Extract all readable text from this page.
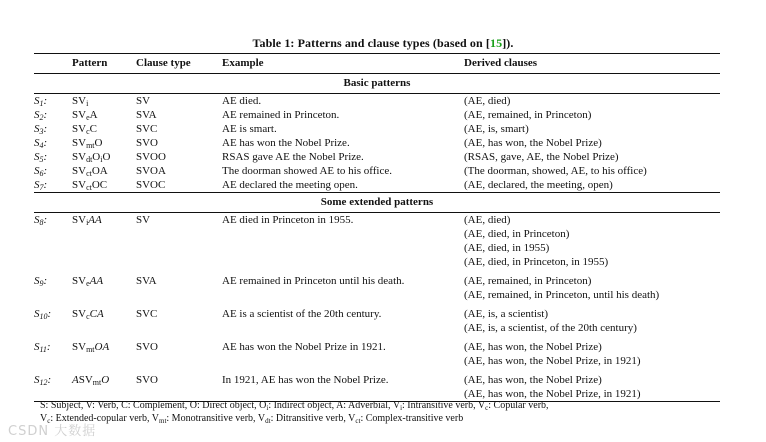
Table 1: Patterns and clause types (based on [15]).
	Pattern	Clause type	Example	Derived clauses
Basic patterns				
$S_1$:	$SV_i$	SV	AE died.	(AE, died)
$S_2$:	$SV_eA$	SVA	AE remained in Princeton.	(AE, remained, in Princeton)
$S_3$:	$SV_cC$	SVC	AE is smart.	(AE, is, smart)
$S_4$:	$SV_{mt}O$	SVO	AE has won the Nobel Prize.	(AE, has won, the Nobel Prize)
$S_5$:	$SV_{dt}O_iO$	SVOO	RSAS gave AE the Nobel Prize.	(RSAS, gave, AE, the Nobel Prize)
$S_6$:	$SV_{ct}OA$	SVOA	The doorman showed AE to his office.	(The doorman, showed, AE, to his office)
$S_7$:	$SV_{ct}OC$	SVOC	AE declared the meeting open.	(AE, declared, the meeting, open)
Some extended patterns				
$S_8$:	$SV_iAA$	SV	AE died in Princeton in 1955.	(AE, died)
				(AE, died, in Princeton)
				(AE, died, in 1955)
				(AE, died, in Princeton, in 1955)

$S_9$:	$SV_eAA$	SVA	AE remained in Princeton until his death.	(AE, remained, in Princeton)
				(AE, remained, in Princeton, until his death)

$S_{10}$:	$SV_cCA$	SVC	AE is a scientist of the 20th century.	(AE, is, a scientist)
				(AE, is, a scientist, of the 20th century)

$S_{11}$:	$SV_{mt}OA$	SVO	AE has won the Nobel Prize in 1921.	(AE, has won, the Nobel Prize)
				(AE, has won, the Nobel Prize, in 1921)

$S_{12}$:	$ASV_{mt}O$	SVO	In 1921, AE has won the Nobel Prize.	(AE, has won, the Nobel Prize)
				(AE, has won, the Nobel Prize, in 1921)
S: Subject, V: Verb, C: Complement, O: Direct object, $O_i$: Indirect object, A: Adverbial, $V_i$: Intransitive verb, $V_c$: Copular verb,
$V_c$: Extended-copular verb, $V_{mt}$: Monotransitive verb, $V_{dt}$: Ditransitive verb, $V_{ct}$: Complex-transitive verb
CSDN 大数据
